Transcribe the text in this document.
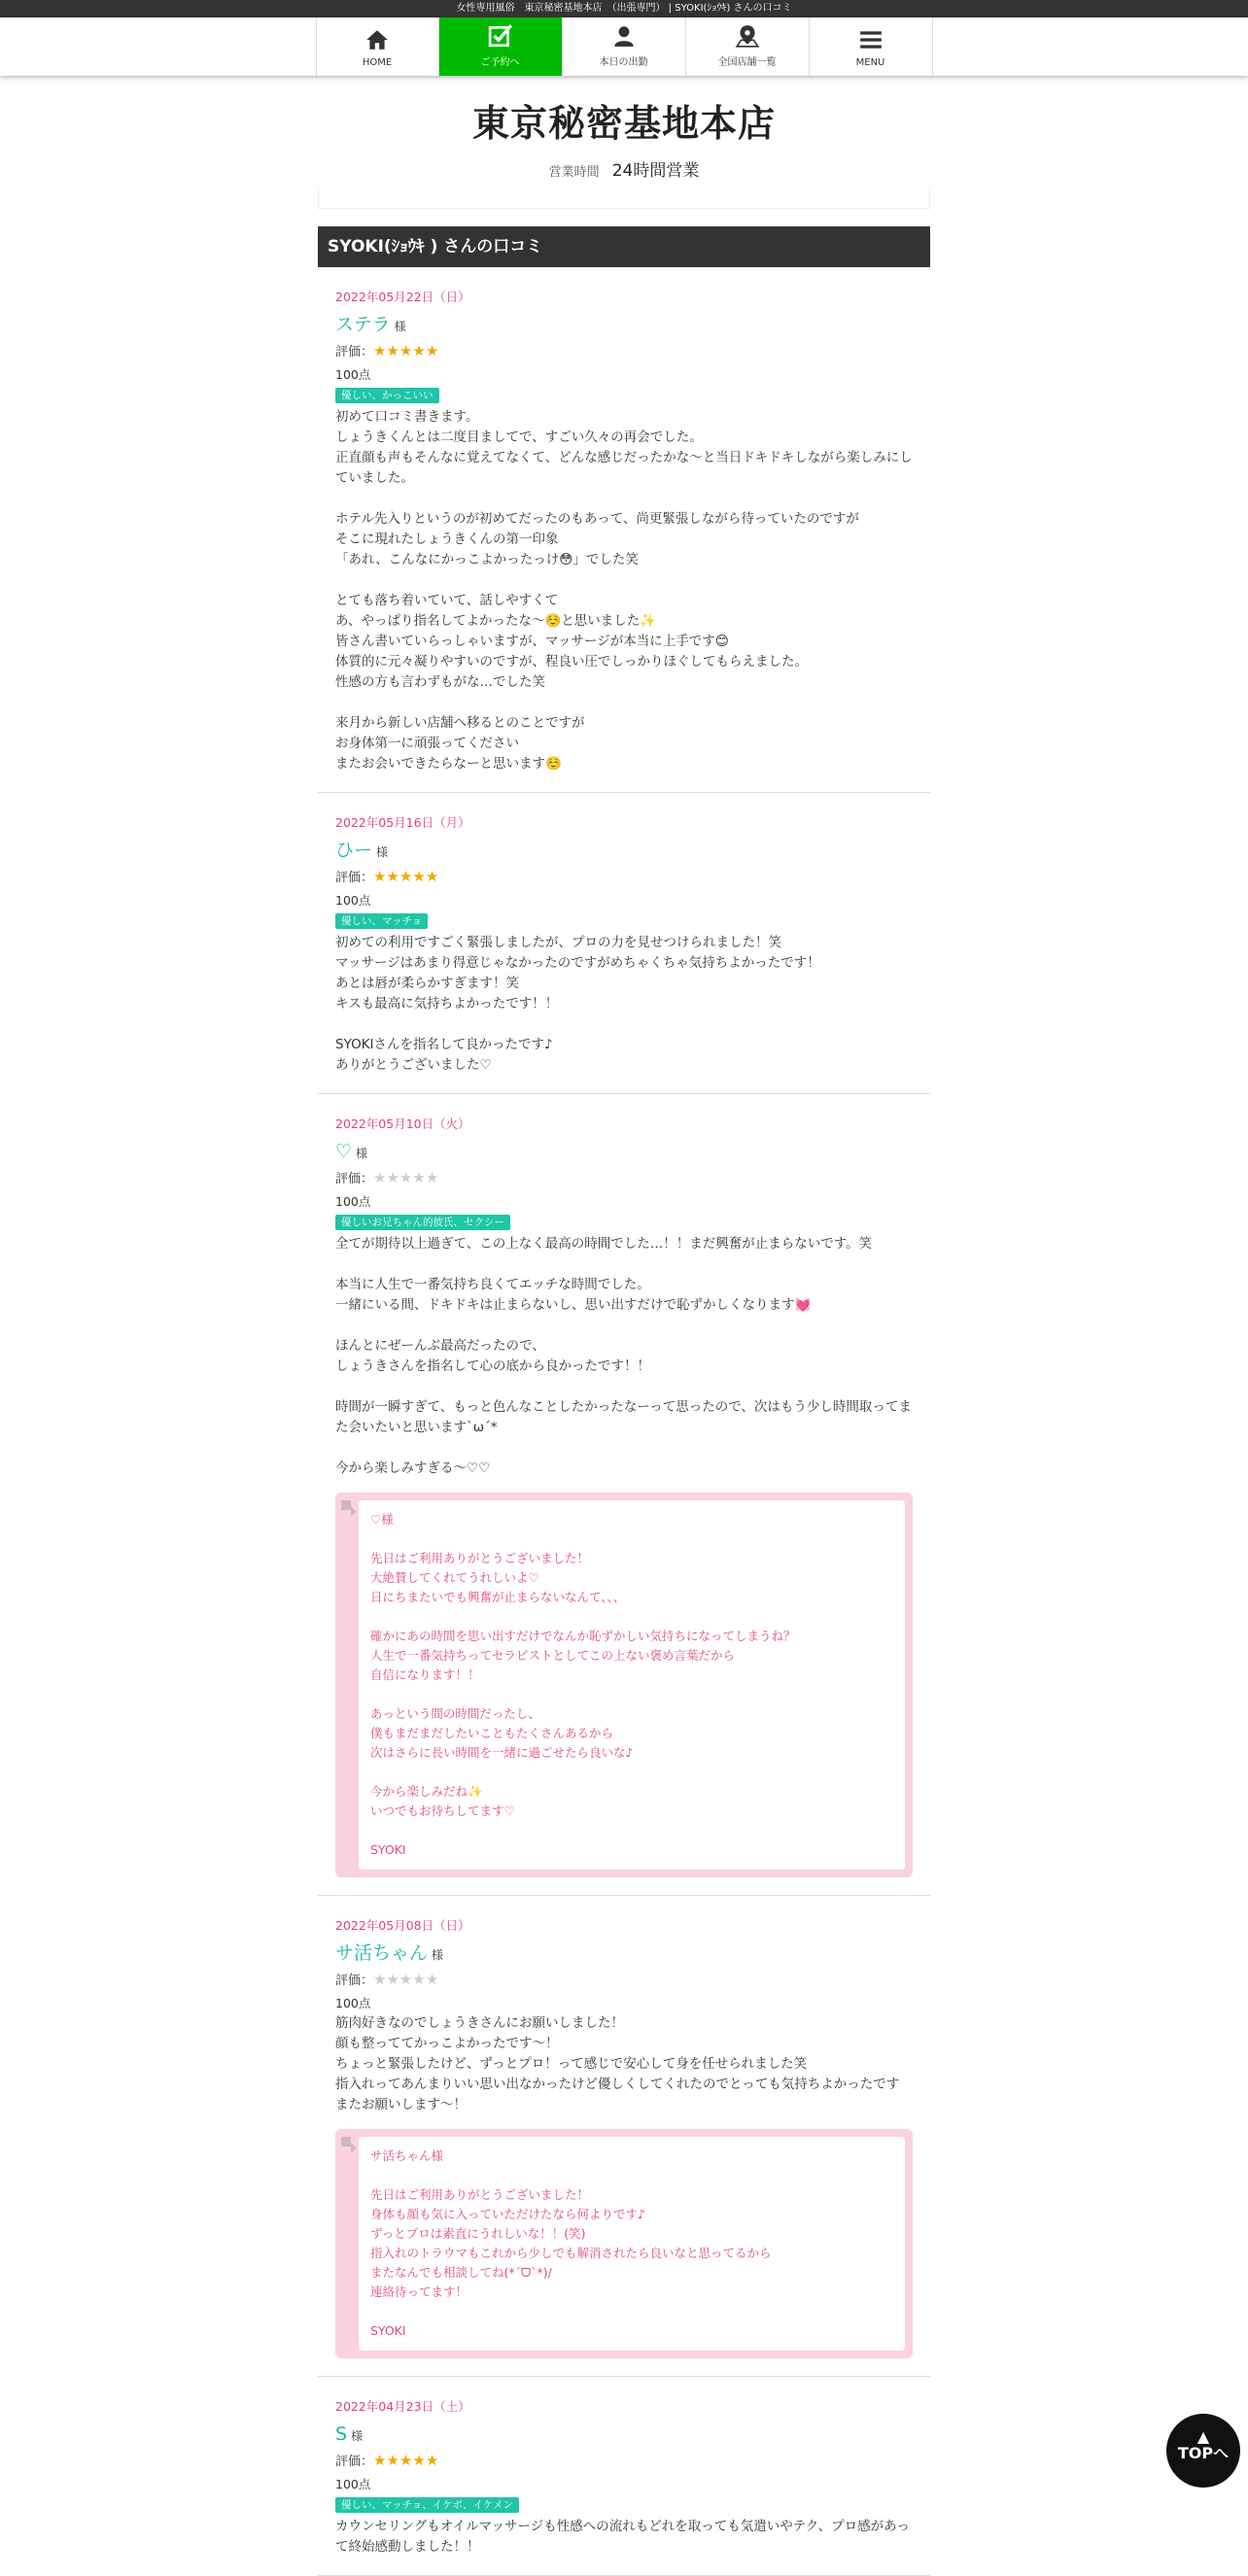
女性専用風俗　東京秘密基地本店　（出張専門） | SYOKI(ｼｮｳｷ) さんの口コミ
HOME	ご予約へ	本日の出勤	全国店舗一覧	MENU
東京秘密基地本店
営業時間 24時間営業
SYOKI(ｼｮｳｷ ) さんの口コミ
2022年05月22日（日）
ステラ 様
評価：★★★★★
100点
優しい、かっこいい
初めて口コミ書きます。
しょうきくんとは二度目ましてで、すごい久々の再会でした。
正直顔も声もそんなに覚えてなくて、どんな感じだったかな〜と当日ドキドキしながら楽しみにしていました。

ホテル先入りというのが初めてだったのもあって、尚更緊張しながら待っていたのですが
そこに現れたしょうきくんの第一印象
「あれ、こんなにかっこよかったっけ😳」でした笑

とても落ち着いていて、話しやすくて
あ、やっぱり指名してよかったな〜☺️と思いました✨
皆さん書いていらっしゃいますが、マッサージが本当に上手です😊
体質的に元々凝りやすいのですが、程良い圧でしっかりほぐしてもらえました。
性感の方も言わずもがな…でした笑

来月から新しい店舗へ移るとのことですが
お身体第一に頑張ってください
またお会いできたらなーと思います☺️
2022年05月16日（月）
ひー 様
評価：★★★★★
100点
優しい、マッチョ
初めての利用ですごく緊張しましたが、プロの力を見せつけられました！笑
マッサージはあまり得意じゃなかったのですがめちゃくちゃ気持ちよかったです！
あとは唇が柔らかすぎます！笑
キスも最高に気持ちよかったです！！

SYOKIさんを指名して良かったです♪
ありがとうございました♡
2022年05月10日（火）
♡ 様
評価：★★★★★
100点
優しいお兄ちゃん的彼氏、セクシー
全てが期待以上過ぎて、この上なく最高の時間でした…！！まだ興奮が止まらないです。笑

本当に人生で一番気持ち良くてエッチな時間でした。
一緒にいる間、ドキドキは止まらないし、思い出すだけで恥ずかしくなります💓

ほんとにぜーんぶ最高だったので、
しょうきさんを指名して心の底から良かったです！！

時間が一瞬すぎて、もっと色んなことしたかったなーって思ったので、次はもう少し時間取ってまた会いたいと思います`ω´*

今から楽しみすぎる〜♡♡
♡様

先日はご利用ありがとうございました！
大絶賛してくれてうれしいよ♡
日にちまたいでも興奮が止まらないなんて、、、

確かにあの時間を思い出すだけでなんか恥ずかしい気持ちになってしまうね？
人生で一番気持ちってセラピストとしてこの上ない褒め言葉だから
自信になります！！

あっという間の時間だったし、
僕もまだまだしたいこともたくさんあるから
次はさらに長い時間を一緒に過ごせたら良いな♪

今から楽しみだね✨
いつでもお待ちしてます♡

SYOKI
2022年05月08日（日）
サ活ちゃん 様
評価：★★★★★
100点
筋肉好きなのでしょうきさんにお願いしました！
顔も整っててかっこよかったです〜！
ちょっと緊張したけど、ずっとプロ！って感じで安心して身を任せられました笑
指入れってあんまりいい思い出なかったけど優しくしてくれたのでとっても気持ちよかったです
またお願いします〜！
サ活ちゃん様

先日はご利用ありがとうございました！
身体も顔も気に入っていただけたなら何よりです♪
ずっとプロは素直にうれしいな！！(笑)
指入れのトラウマもこれから少しでも解消されたら良いなと思ってるから
またなんでも相談してね(*ˊᗜˋ*)/
連絡待ってます！

SYOKI
2022年04月23日（土）
S様
評価：★★★★★
100点
優しい、マッチョ、イケボ、イケメン
カウンセリングもオイルマッサージも性感への流れもどれを取っても気遣いやテク、プロ感があって終始感動しました！！
▲
TOPへ
